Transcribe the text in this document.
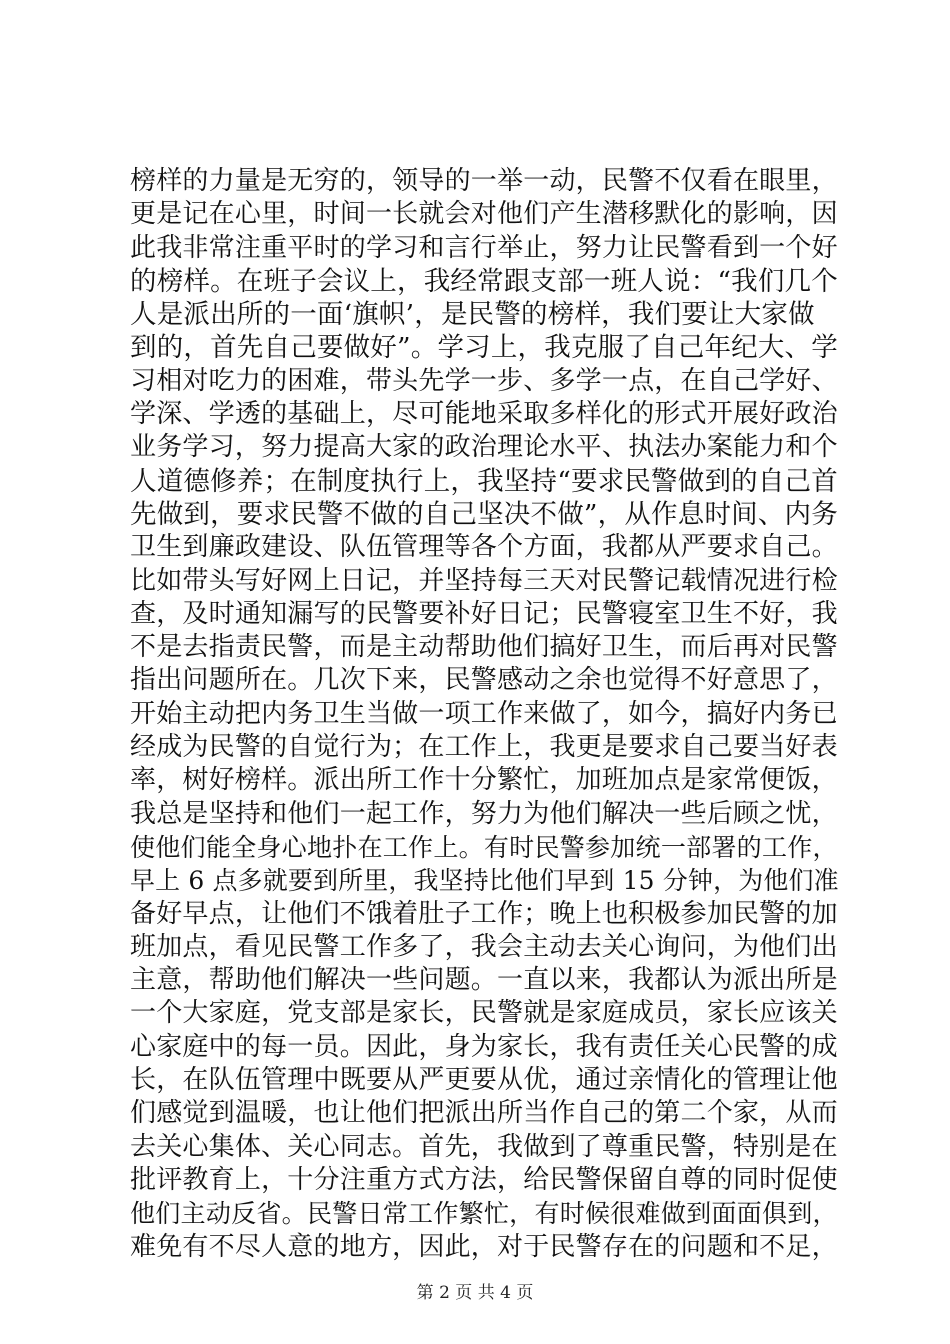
榜样的力量是无穷的，领导的一举一动，民警不仅看在眼里，
更是记在心里，时间一长就会对他们产生潜移默化的影响，因
此我非常注重平时的学习和言行举止，努力让民警看到一个好
的榜样。在班子会议上，我经常跟支部一班人说：“我们几个
人是派出所的一面‘旗帜’，是民警的榜样，我们要让大家做
到的，首先自己要做好”。学习上，我克服了自己年纪大、学
习相对吃力的困难，带头先学一步、多学一点，在自己学好、
学深、学透的基础上，尽可能地采取多样化的形式开展好政治
业务学习，努力提高大家的政治理论水平、执法办案能力和个
人道德修养；在制度执行上，我坚持“要求民警做到的自己首
先做到，要求民警不做的自己坚决不做”，从作息时间、内务
卫生到廉政建设、队伍管理等各个方面，我都从严要求自己。
比如带头写好网上日记，并坚持每三天对民警记载情况进行检
查，及时通知漏写的民警要补好日记；民警寝室卫生不好，我
不是去指责民警，而是主动帮助他们搞好卫生，而后再对民警
指出问题所在。几次下来，民警感动之余也觉得不好意思了，
开始主动把内务卫生当做一项工作来做了，如今，搞好内务已
经成为民警的自觉行为；在工作上，我更是要求自己要当好表
率，树好榜样。派出所工作十分繁忙，加班加点是家常便饭，
我总是坚持和他们一起工作，努力为他们解决一些后顾之忧，
使他们能全身心地扑在工作上。有时民警参加统一部署的工作，
早上 6 点多就要到所里，我坚持比他们早到 15 分钟，为他们准
备好早点，让他们不饿着肚子工作；晚上也积极参加民警的加
班加点，看见民警工作多了，我会主动去关心询问，为他们出
主意，帮助他们解决一些问题。一直以来，我都认为派出所是
一个大家庭，党支部是家长，民警就是家庭成员，家长应该关
心家庭中的每一员。因此，身为家长，我有责任关心民警的成
长，在队伍管理中既要从严更要从优，通过亲情化的管理让他
们感觉到温暖，也让他们把派出所当作自己的第二个家，从而
去关心集体、关心同志。首先，我做到了尊重民警，特别是在
批评教育上，十分注重方式方法，给民警保留自尊的同时促使
他们主动反省。民警日常工作繁忙，有时候很难做到面面俱到，
难免有不尽人意的地方，因此，对于民警存在的问题和不足，
第 2 页 共 4 页
